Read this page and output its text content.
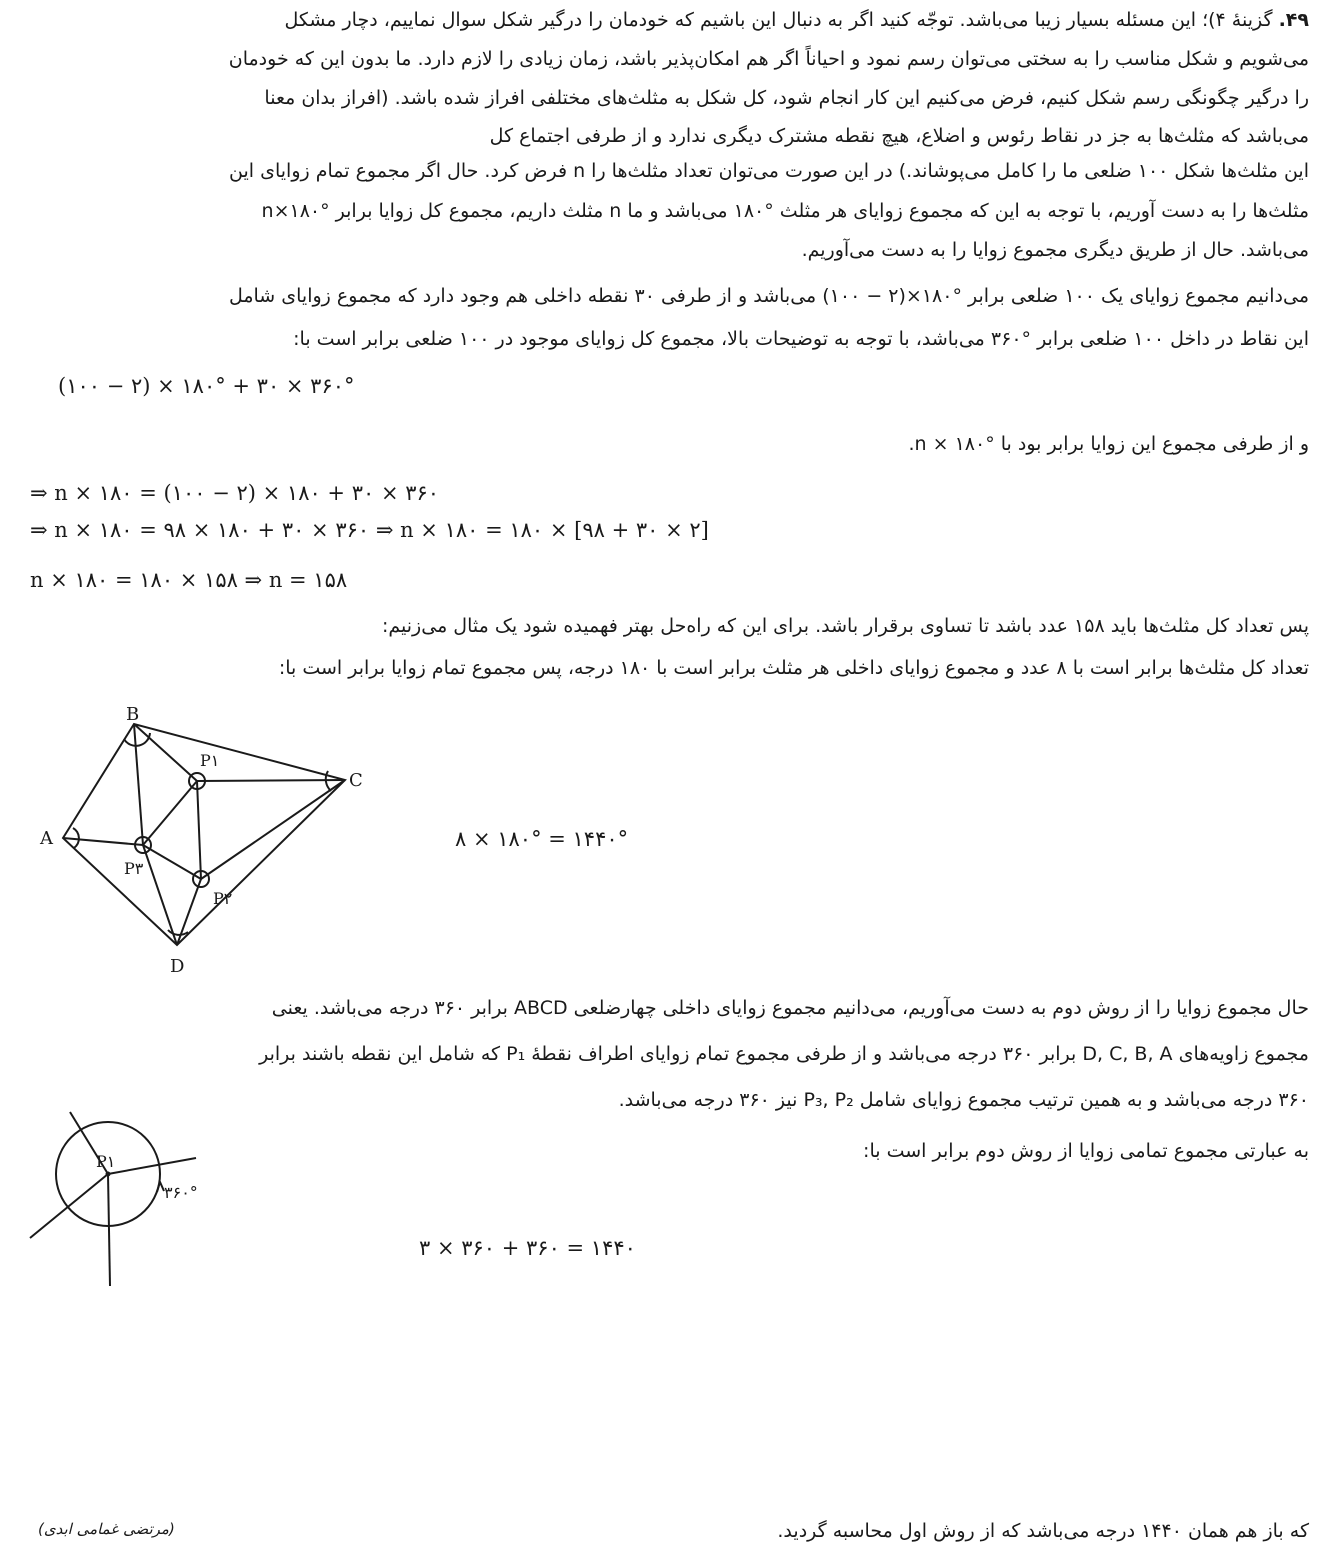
۴۹. گزینهٔ ۴)؛ این مسئله بسیار زیبا می‌باشد. توجّه کنید اگر به دنبال این باشیم که خودمان را درگیر شکل سوال نماییم، دچار مشکل
می‌شویم و شکل مناسب را به سختی می‌توان رسم نمود و احیاناً اگر هم امکان‌پذیر باشد، زمان زیادی را لازم دارد. ما بدون این که خودمان
را درگیر چگونگی رسم شکل کنیم، فرض می‌کنیم این کار انجام شود، کل شکل به مثلث‌های مختلفی افراز شده باشد. (افراز بدان معنا
می‌باشد که مثلث‌ها به جز در نقاط رئوس و اضلاع، هیچ نقطه مشترک دیگری ندارد و از طرفی اجتماع کل
این مثلث‌ها شکل ۱۰۰ ضلعی ما را کامل می‌پوشاند.) در این صورت می‌توان تعداد مثلث‌ها را n فرض کرد. حال اگر مجموع تمام زوایای این
مثلث‌ها را به دست آوریم، با توجه به این که مجموع زوایای هر مثلث °۱۸۰ می‌باشد و ما n مثلث داریم، مجموع کل زوایا برابر n×۱۸۰°
می‌باشد. حال از طریق دیگری مجموع زوایا را به دست می‌آوریم.
می‌دانیم مجموع زوایای یک ۱۰۰ ضلعی برابر °۱۸۰×(۲ − ۱۰۰) می‌باشد و از طرفی ۳۰ نقطه داخلی هم وجود دارد که مجموع زوایای شامل
این نقاط در داخل ۱۰۰ ضلعی برابر °۳۶۰ می‌باشد، با توجه به توضیحات بالا، مجموع کل زوایای موجود در ۱۰۰ ضلعی برابر است با:
(۱۰۰ − ۲) × ۱۸۰° + ۳۰ × ۳۶۰°
و از طرفی مجموع این زوایا برابر بود با n × ۱۸۰°.
⇒ n × ۱۸۰ = (۱۰۰ − ۲) × ۱۸۰ + ۳۰ × ۳۶۰
⇒ n × ۱۸۰ = ۹۸ × ۱۸۰ + ۳۰ × ۳۶۰ ⇒ n × ۱۸۰ = ۱۸۰ × [۹۸ + ۳۰ × ۲]
n × ۱۸۰ = ۱۸۰ × ۱۵۸ ⇒ n = ۱۵۸
پس تعداد کل مثلث‌ها باید ۱۵۸ عدد باشد تا تساوی برقرار باشد. برای این که راه‌حل بهتر فهمیده شود یک مثال می‌زنیم:
تعداد کل مثلث‌ها برابر است با ۸ عدد و مجموع زوایای داخلی هر مثلث برابر است با ۱۸۰ درجه، پس مجموع تمام زوایا برابر است با:
A
B
C
D
P۱
P۲
P۳
۸ × ۱۸۰° = ۱۴۴۰°
حال مجموع زوایا را از روش دوم به دست می‌آوریم، می‌دانیم مجموع زوایای داخلی چهارضلعی ABCD برابر ۳۶۰ درجه می‌باشد. یعنی
مجموع زاویه‌های D, C, B, A برابر ۳۶۰ درجه می‌باشد و از طرفی مجموع تمام زوایای اطراف نقطهٔ P₁ که شامل این نقطه باشند برابر
۳۶۰ درجه می‌باشد و به همین ترتیب مجموع زوایای شامل P₃, P₂ نیز ۳۶۰ درجه می‌باشد.
به عبارتی مجموع تمامی زوایا از روش دوم برابر است با:
P۱
۳۶۰°
۳ × ۳۶۰ + ۳۶۰ = ۱۴۴۰
(مرتضی غمامی ابدی)	که باز هم همان ۱۴۴۰ درجه می‌باشد که از روش اول محاسبه گردید.
